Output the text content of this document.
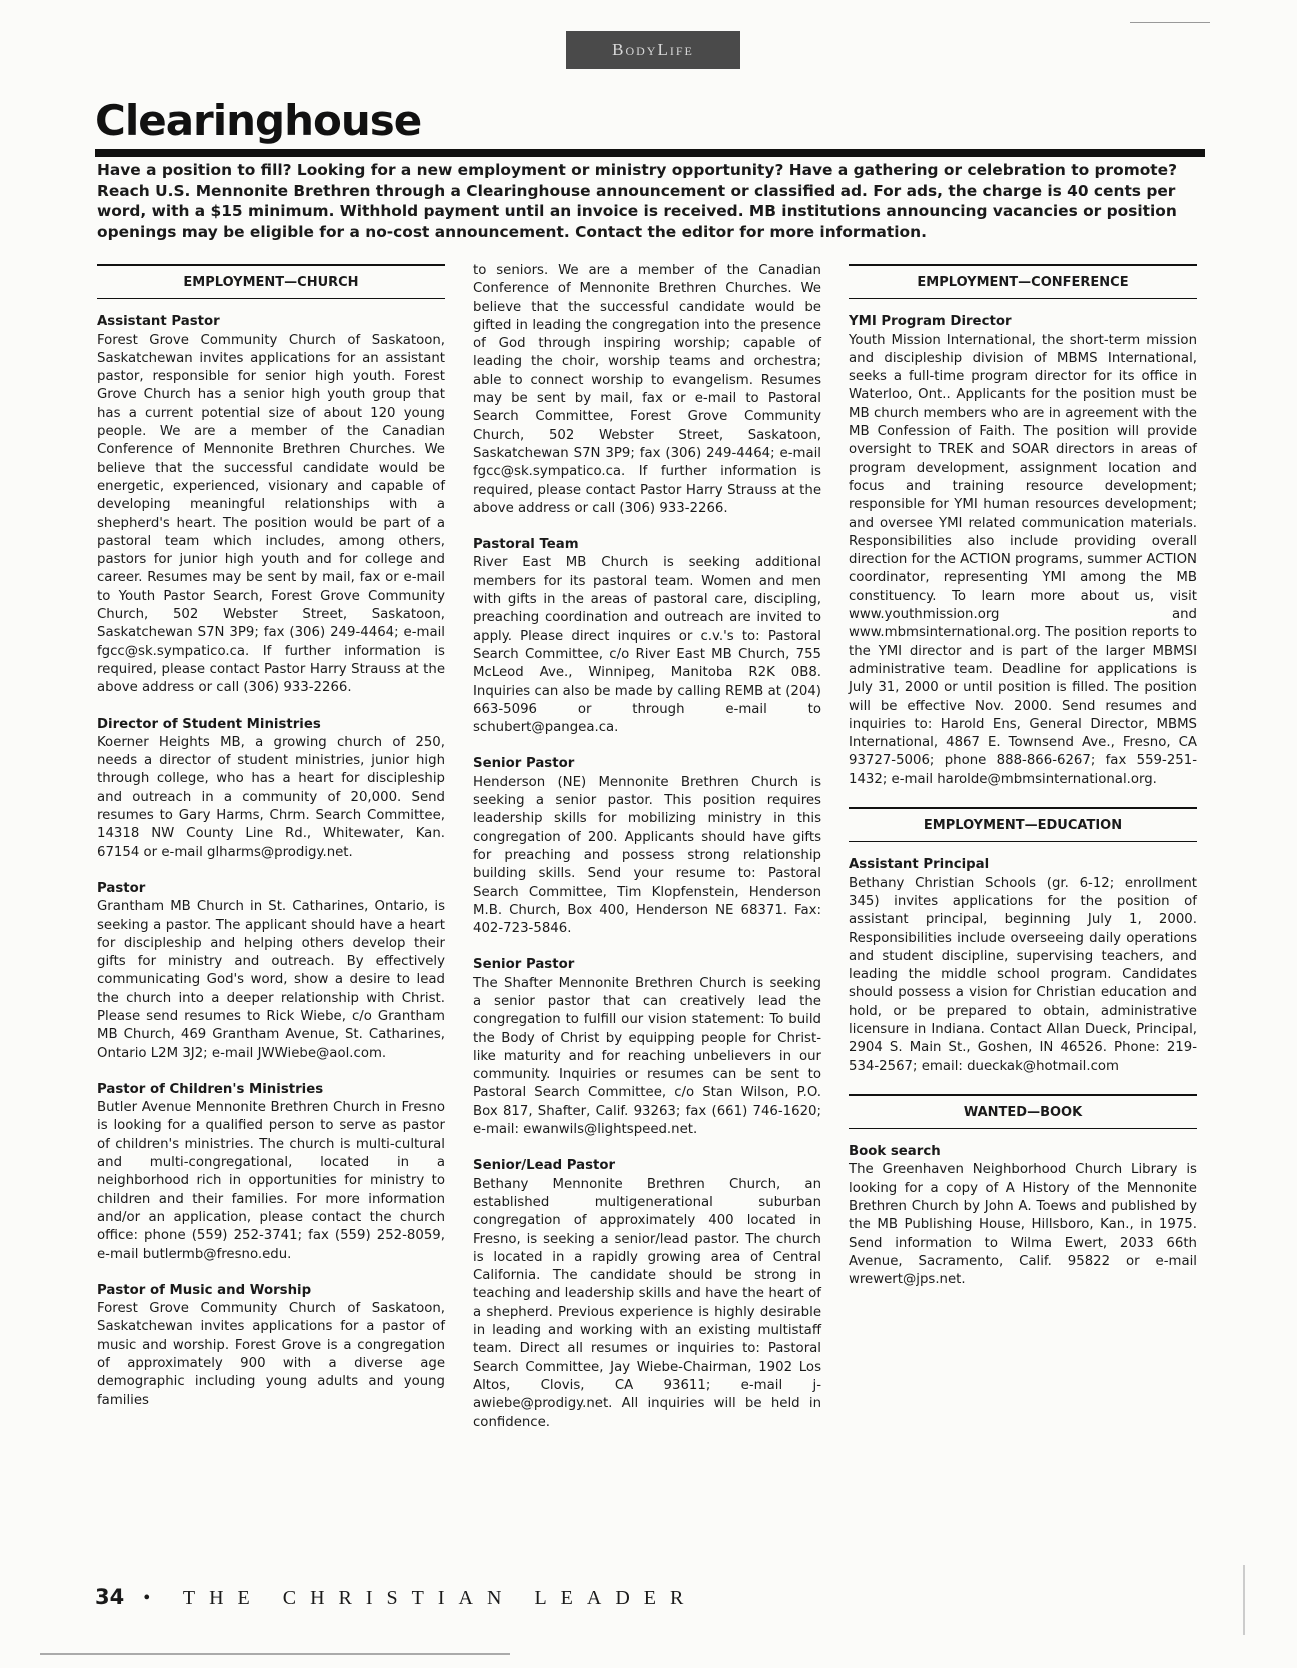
BodyLife
Clearinghouse

Have a position to fill? Looking for a new employment or ministry opportunity? Have a gathering or celebration to promote? Reach U.S. Mennonite Brethren through a Clearinghouse announcement or classified ad. For ads, the charge is 40 cents per word, with a $15 minimum. Withhold payment until an invoice is received. MB institutions announcing vacancies or position openings may be eligible for a no-cost announcement. Contact the editor for more information.

EMPLOYMENT—CHURCH

Assistant Pastor

Forest Grove Community Church of Saskatoon, Saskatchewan invites applications for an assistant pastor, responsible for senior high youth. Forest Grove Church has a senior high youth group that has a current potential size of about 120 young people. We are a member of the Canadian Conference of Mennonite Brethren Churches. We believe that the successful candidate would be energetic, experienced, visionary and capable of developing meaningful relationships with a shepherd's heart. The position would be part of a pastoral team which includes, among others, pastors for junior high youth and for college and career. Resumes may be sent by mail, fax or e-mail to Youth Pastor Search, Forest Grove Community Church, 502 Webster Street, Saskatoon, Saskatchewan S7N 3P9; fax (306) 249-4464; e-mail fgcc@sk.sympatico.ca. If further information is required, please contact Pastor Harry Strauss at the above address or call (306) 933-2266.

Director of Student Ministries

Koerner Heights MB, a growing church of 250, needs a director of student ministries, junior high through college, who has a heart for discipleship and outreach in a community of 20,000. Send resumes to Gary Harms, Chrm. Search Committee, 14318 NW County Line Rd., Whitewater, Kan. 67154 or e-mail glharms@prodigy.net.

Pastor

Grantham MB Church in St. Catharines, Ontario, is seeking a pastor. The applicant should have a heart for discipleship and helping others develop their gifts for ministry and outreach. By effectively communicating God's word, show a desire to lead the church into a deeper relationship with Christ. Please send resumes to Rick Wiebe, c/o Grantham MB Church, 469 Grantham Avenue, St. Catharines, Ontario L2M 3J2; e-mail JWWiebe@aol.com.

Pastor of Children's Ministries

Butler Avenue Mennonite Brethren Church in Fresno is looking for a qualified person to serve as pastor of children's ministries. The church is multi-cultural and multi-congregational, located in a neighborhood rich in opportunities for ministry to children and their families. For more information and/or an application, please contact the church office: phone (559) 252-3741; fax (559) 252-8059, e-mail butlermb@fresno.edu.

Pastor of Music and Worship

Forest Grove Community Church of Saskatoon, Saskatchewan invites applications for a pastor of music and worship. Forest Grove is a congregation of approximately 900 with a diverse age demographic including young adults and young families

to seniors. We are a member of the Canadian Conference of Mennonite Brethren Churches. We believe that the successful candidate would be gifted in leading the congregation into the presence of God through inspiring worship; capable of leading the choir, worship teams and orchestra; able to connect worship to evangelism. Resumes may be sent by mail, fax or e-mail to Pastoral Search Committee, Forest Grove Community Church, 502 Webster Street, Saskatoon, Saskatchewan S7N 3P9; fax (306) 249-4464; e-mail fgcc@sk.sympatico.ca. If further information is required, please contact Pastor Harry Strauss at the above address or call (306) 933-2266.

Pastoral Team

River East MB Church is seeking additional members for its pastoral team. Women and men with gifts in the areas of pastoral care, discipling, preaching coordination and outreach are invited to apply. Please direct inquires or c.v.'s to: Pastoral Search Committee, c/o River East MB Church, 755 McLeod Ave., Winnipeg, Manitoba R2K 0B8. Inquiries can also be made by calling REMB at (204) 663-5096 or through e-mail to schubert@pangea.ca.

Senior Pastor

Henderson (NE) Mennonite Brethren Church is seeking a senior pastor. This position requires leadership skills for mobilizing ministry in this congregation of 200. Applicants should have gifts for preaching and possess strong relationship building skills. Send your resume to: Pastoral Search Committee, Tim Klopfenstein, Henderson M.B. Church, Box 400, Henderson NE 68371. Fax: 402-723-5846.

Senior Pastor

The Shafter Mennonite Brethren Church is seeking a senior pastor that can creatively lead the congregation to fulfill our vision statement: To build the Body of Christ by equipping people for Christ-like maturity and for reaching unbelievers in our community. Inquiries or resumes can be sent to Pastoral Search Committee, c/o Stan Wilson, P.O. Box 817, Shafter, Calif. 93263; fax (661) 746-1620; e-mail: ewanwils@lightspeed.net.

Senior/Lead Pastor

Bethany Mennonite Brethren Church, an established multigenerational suburban congregation of approximately 400 located in Fresno, is seeking a senior/lead pastor. The church is located in a rapidly growing area of Central California. The candidate should be strong in teaching and leadership skills and have the heart of a shepherd. Previous experience is highly desirable in leading and working with an existing multistaff team. Direct all resumes or inquiries to: Pastoral Search Committee, Jay Wiebe-Chairman, 1902 Los Altos, Clovis, CA 93611; e-mail j-awiebe@prodigy.net. All inquiries will be held in confidence.

EMPLOYMENT—CONFERENCE

YMI Program Director

Youth Mission International, the short-term mission and discipleship division of MBMS International, seeks a full-time program director for its office in Waterloo, Ont.. Applicants for the position must be MB church members who are in agreement with the MB Confession of Faith. The position will provide oversight to TREK and SOAR directors in areas of program development, assignment location and focus and training resource development; responsible for YMI human resources development; and oversee YMI related communication materials. Responsibilities also include providing overall direction for the ACTION programs, summer ACTION coordinator, representing YMI among the MB constituency. To learn more about us, visit www.youthmission.org and www.mbmsinternational.org. The position reports to the YMI director and is part of the larger MBMSI administrative team. Deadline for applications is July 31, 2000 or until position is filled. The position will be effective Nov. 2000. Send resumes and inquiries to: Harold Ens, General Director, MBMS International, 4867 E. Townsend Ave., Fresno, CA 93727-5006; phone 888-866-6267; fax 559-251-1432; e-mail harolde@mbmsinternational.org.

EMPLOYMENT—EDUCATION

Assistant Principal

Bethany Christian Schools (gr. 6-12; enrollment 345) invites applications for the position of assistant principal, beginning July 1, 2000. Responsibilities include overseeing daily operations and student discipline, supervising teachers, and leading the middle school program. Candidates should possess a vision for Christian education and hold, or be prepared to obtain, administrative licensure in Indiana. Contact Allan Dueck, Principal, 2904 S. Main St., Goshen, IN 46526. Phone: 219-534-2567; email: dueckak@hotmail.com

WANTED—BOOK

Book search

The Greenhaven Neighborhood Church Library is looking for a copy of A History of the Mennonite Brethren Church by John A. Toews and published by the MB Publishing House, Hillsboro, Kan., in 1975. Send information to Wilma Ewert, 2033 66th Avenue, Sacramento, Calif. 95822 or e-mail wrewert@jps.net.

34 • THE CHRISTIAN LEADER
